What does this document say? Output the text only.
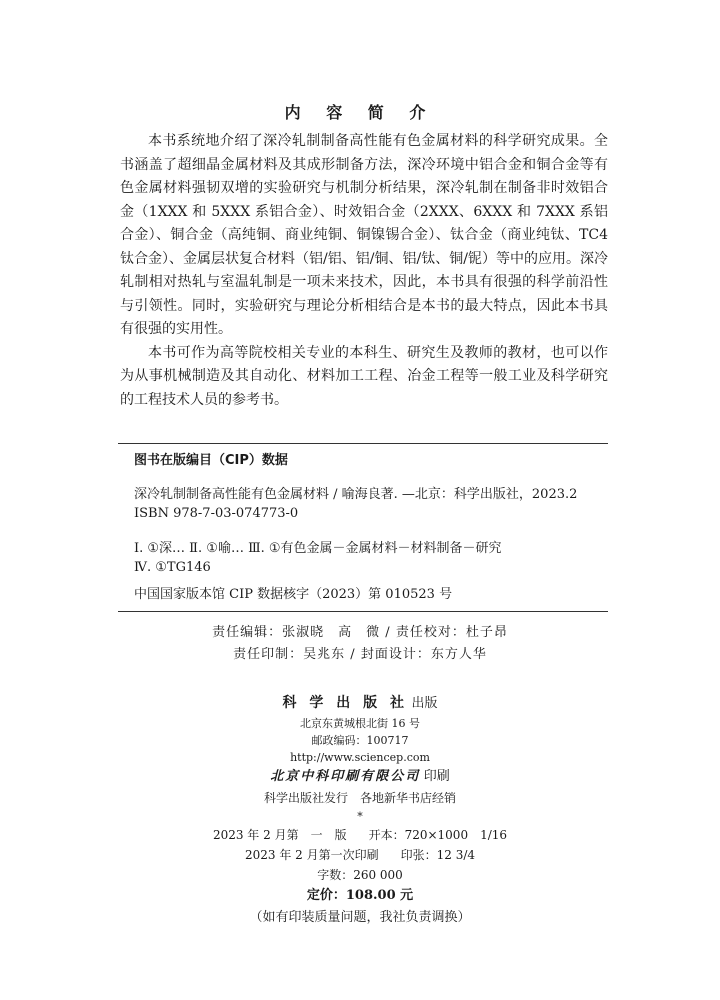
内 容 简 介

本书系统地介绍了深冷轧制制备高性能有色金属材料的科学研究成果。全书涵盖了超细晶金属材料及其成形制备方法，深冷环境中铝合金和铜合金等有色金属材料强韧双增的实验研究与机制分析结果，深冷轧制在制备非时效铝合金（1XXX 和 5XXX 系铝合金）、时效铝合金（2XXX、6XXX 和 7XXX 系铝合金）、铜合金（高纯铜、商业纯铜、铜镍锡合金）、钛合金（商业纯钛、TC4 钛合金）、金属层状复合材料（铝/铝、铝/铜、铝/钛、铜/铌）等中的应用。深冷轧制相对热轧与室温轧制是一项未来技术，因此，本书具有很强的科学前沿性与引领性。同时，实验研究与理论分析相结合是本书的最大特点，因此本书具有很强的实用性。

本书可作为高等院校相关专业的本科生、研究生及教师的教材，也可以作为从事机械制造及其自动化、材料加工工程、冶金工程等一般工业及科学研究的工程技术人员的参考书。

图书在版编目（CIP）数据
深冷轧制制备高性能有色金属材料 / 喻海良著. —北京：科学出版社，2023.2
ISBN 978-7-03-074773-0
Ⅰ. ①深… Ⅱ. ①喻… Ⅲ. ①有色金属－金属材料－材料制备－研究
Ⅳ. ①TG146
中国国家版本馆 CIP 数据核字（2023）第 010523 号
责任编辑：张淑晓　高　微 / 责任校对：杜子昂
责任印制：吴兆东 / 封面设计：东方人华
科 学 出 版 社 出版
北京东黄城根北街 16 号
邮政编码：100717
http://www.sciencep.com
北京中科印刷有限公司 印刷
科学出版社发行　各地新华书店经销
*
2023 年 2 月第　一　版 开本：720×1000　1/16
2023 年 2 月第一次印刷 印张：12 3/4
字数：260 000
定价：108.00 元
（如有印装质量问题，我社负责调换）
